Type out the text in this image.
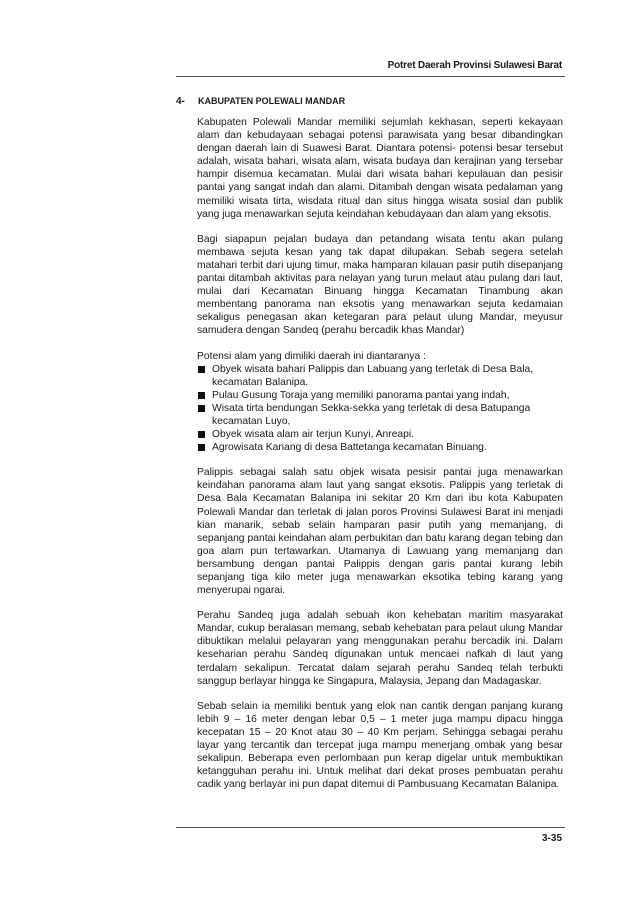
Potret Daerah Provinsi Sulawesi Barat
4- KABUPATEN POLEWALI MANDAR

Kabupaten Polewali Mandar memiliki sejumlah kekhasan, seperti kekayaan alam dan kebudayaan sebagai potensi parawisata yang besar dibandingkan dengan daerah lain di Suawesi Barat. Diantara potensi- potensi besar tersebut adalah, wisata bahari, wisata alam, wisata budaya dan kerajinan yang tersebar hampir disemua kecamatan. Mulai dari wisata bahari kepulauan dan pesisir pantai yang sangat indah dan alami. Ditambah dengan wisata pedalaman yang memiliki wisata tirta, wisdata ritual dan situs hingga wisata sosial dan publik yang juga menawarkan sejuta keindahan kebudayaan dan alam yang eksotis.

Bagi siapapun pejalan budaya dan petandang wisata tentu akan pulang membawa sejuta kesan yang tak dapat dilupakan. Sebab segera setelah matahari terbit dari ujung timur, maka hamparan kilauan pasir putih disepanjang pantai ditambah aktivitas para nelayan yang turun melaut atau pulang dari laut, mulai dari Kecamatan Binuang hingga Kecamatan Tinambung akan membentang panorama nan eksotis yang menawarkan sejuta kedamaian sekaligus penegasan akan ketegaran para pelaut ulung Mandar, meyusur samudera dengan Sandeq (perahu bercadik khas Mandar)

Potensi alam yang dimiliki daerah ini diantaranya :

Obyek wisata bahari Palippis dan Labuang yang terletak di Desa Bala, kecamatan Balanipa.
Pulau Gusung Toraja yang memiliki panorama pantai yang indah,
Wisata tirta bendungan Sekka-sekka yang terletak di desa Batupanga kecamatan Luyo,
Obyek wisata alam air terjun Kunyi, Anreapi.
Agrowisata Kanang di desa Battetanga kecamatan Binuang.

Palippis sebagai salah satu objek wisata pesisir pantai juga menawarkan keindahan panorama alam laut yang sangat eksotis. Palippis yang terletak di Desa Bala Kecamatan Balanipa ini sekitar 20 Km dari ibu kota Kabupaten Polewali Mandar dan terletak di jalan poros Provinsi Sulawesi Barat ini menjadi kian manarik, sebab selain hamparan pasir putih yang memanjang, di sepanjang pantai keindahan alam perbukitan dan batu karang degan tebing dan goa alam pun tertawarkan. Utamanya di Lawuang yang memanjang dan bersambung dengan pantai Palippis dengan garis pantai kurang lebih sepanjang tiga kilo meter juga menawarkan eksotika tebing karang yang menyerupai ngarai.

Perahu Sandeq juga adalah sebuah ikon kehebatan maritim masyarakat Mandar, cukup beralasan memang, sebab kehebatan para pelaut ulung Mandar dibuktikan melalui pelayaran yang menggunakan perahu bercadik ini. Dalam keseharian perahu Sandeq digunakan untuk mencaei nafkah di laut yang terdalam sekalipun. Tercatat dalam sejarah perahu Sandeq telah terbukti sanggup berlayar hingga ke Singapura, Malaysia, Jepang dan Madagaskar.

Sebab selain ia memiliki bentuk yang elok nan cantik dengan panjang kurang lebih 9 – 16 meter dengan lebar 0,5 – 1 meter juga mampu dipacu hingga kecepatan 15 – 20 Knot atau 30 – 40 Km perjam. Sehingga sebagai perahu layar yang tercantik dan tercepat juga mampu menerjang ombak yang besar sekalipun. Beberapa even perlombaan pun kerap digelar untuk membuktikan ketangguhan perahu ini. Untuk melihat dari dekat proses pembuatan perahu cadik yang berlayar ini pun dapat ditemui di Pambusuang Kecamatan Balanipa.

3-35
